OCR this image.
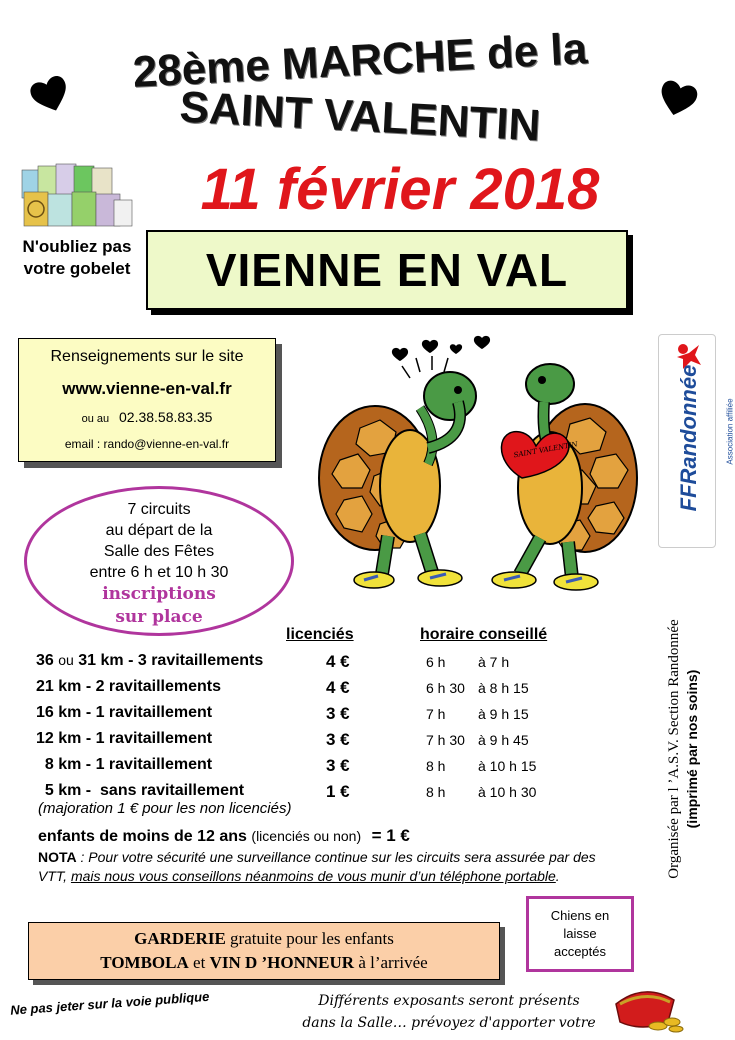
28ème MARCHE de la
SAINT VALENTIN
11 février 2018
N'oubliez pas
votre gobelet	VIENNE EN VAL
Renseignements sur le site
www.vienne-en-val.fr
ou au 02.38.58.83.35
email : rando@vienne-en-val.fr
7 circuits
au départ de la
Salle des Fêtes
entre 6 h et 10 h 30
inscriptions
sur place
SAINT VALENTIN	FFRandonnée	Association affiliée
Organisée par l ’A.S.V. Section Randonnée (imprimé par nos soins)
licenciés	horaire conseillé
36 ou 31 km - 3 ravitaillements	4 €	6 h à 7 h
21 km - 2 ravitaillements	4 €	6 h 30 à 8 h 15
16 km - 1 ravitaillement	3 €	7 h à 9 h 15
12 km - 1 ravitaillement	3 €	7 h 30 à 9 h 45
8 km - 1 ravitaillement	3 €	8 h à 10 h 15
5 km -  sans ravitaillement	1 €	8 h à 10 h 30
(majoration 1 € pour les non licenciés)
enfants de moins de 12 ans (licenciés ou non) = 1 €
NOTA : Pour votre sécurité une surveillance continue sur les circuits sera assurée par des VTT, mais nous vous conseillons néanmoins de vous munir d’un téléphone portable.
Chiens en
laisse
acceptés
GARDERIE gratuite pour les enfants
TOMBOLA et VIN D ’HONNEUR à l’arrivée
Ne pas jeter sur la voie publique	Différents exposants seront présents
dans la Salle… prévoyez d'apporter votre
